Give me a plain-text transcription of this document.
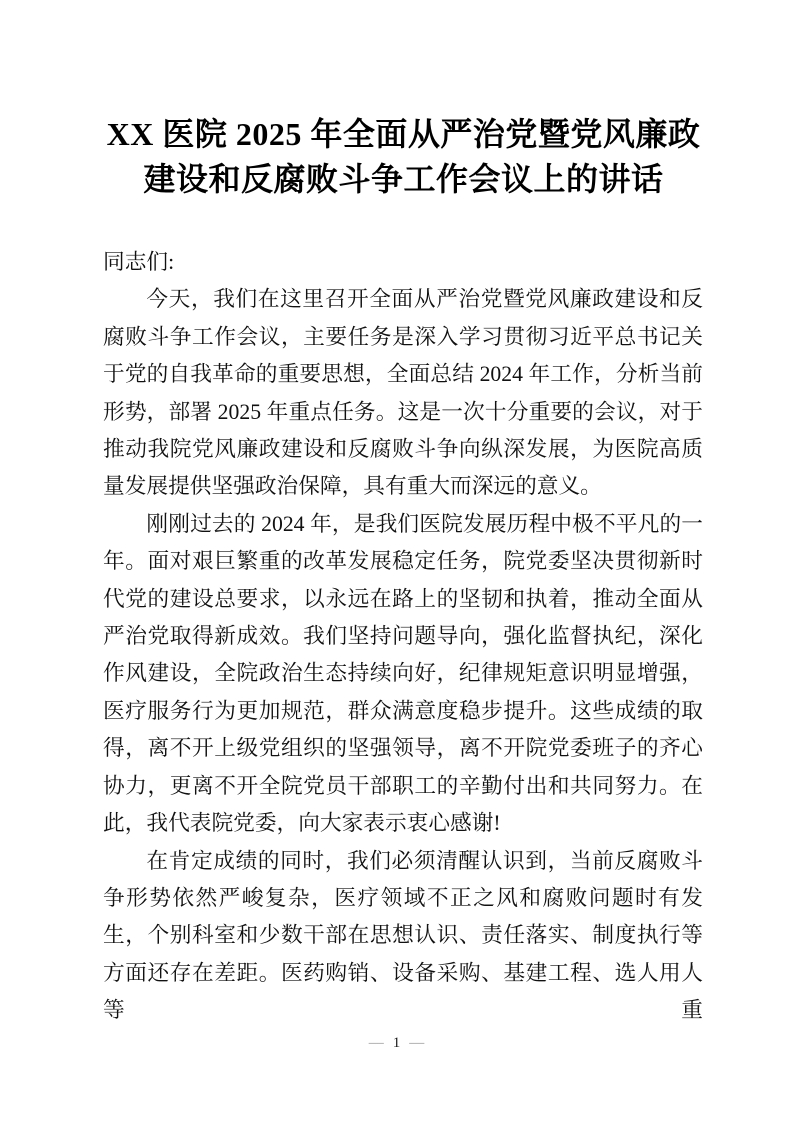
XX 医院 2025 年全面从严治党暨党风廉政
建设和反腐败斗争工作会议上的讲话

同志们:

今天，我们在这里召开全面从严治党暨党风廉政建设和反腐败斗争工作会议，主要任务是深入学习贯彻习近平总书记关于党的自我革命的重要思想，全面总结 2024 年工作，分析当前形势，部署 2025 年重点任务。这是一次十分重要的会议，对于推动我院党风廉政建设和反腐败斗争向纵深发展，为医院高质量发展提供坚强政治保障，具有重大而深远的意义。

刚刚过去的 2024 年，是我们医院发展历程中极不平凡的一年。面对艰巨繁重的改革发展稳定任务，院党委坚决贯彻新时代党的建设总要求，以永远在路上的坚韧和执着，推动全面从严治党取得新成效。我们坚持问题导向，强化监督执纪，深化作风建设，全院政治生态持续向好，纪律规矩意识明显增强，医疗服务行为更加规范，群众满意度稳步提升。这些成绩的取得，离不开上级党组织的坚强领导，离不开院党委班子的齐心协力，更离不开全院党员干部职工的辛勤付出和共同努力。在此，我代表院党委，向大家表示衷心感谢!

在肯定成绩的同时，我们必须清醒认识到，当前反腐败斗争形势依然严峻复杂，医疗领域不正之风和腐败问题时有发生，个别科室和少数干部在思想认识、责任落实、制度执行等方面还存在差距。医药购销、设备采购、基建工程、选人用人等重

— 1 —
